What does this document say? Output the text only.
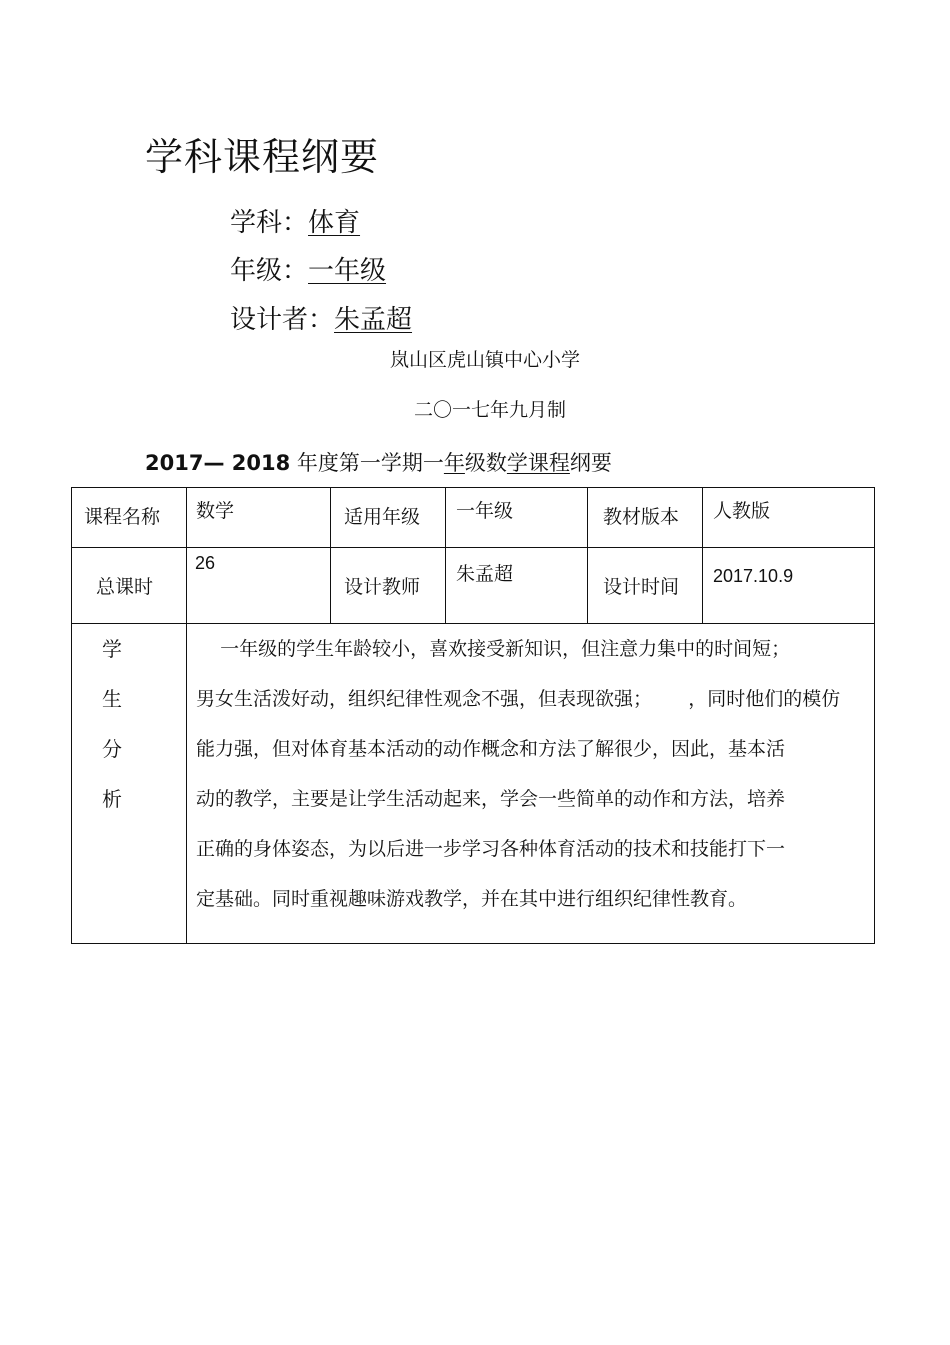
学科课程纲要
学科：体育
年级：一年级
设计者：朱孟超
岚山区虎山镇中心小学
二〇一七年九月制
2017— 2018 年度第一学期一年级数学课程纲要
课程名称 数学	适用年级 一年级	教材版本 人教版
总课时
26
设计教师
朱孟超
设计时间 2017.10.9
学
生
分
析
一年级的学生年龄较小，喜欢接受新知识，但注意力集中的时间短；
男女生活泼好动，组织纪律性观念不强，但表现欲强；      ，同时他们的模仿
能力强，但对体育基本活动的动作概念和方法了解很少，因此，基本活
动的教学，主要是让学生活动起来，学会一些简单的动作和方法，培养
正确的身体姿态，为以后进一步学习各种体育活动的技术和技能打下一
定基础。同时重视趣味游戏教学，并在其中进行组织纪律性教育。
